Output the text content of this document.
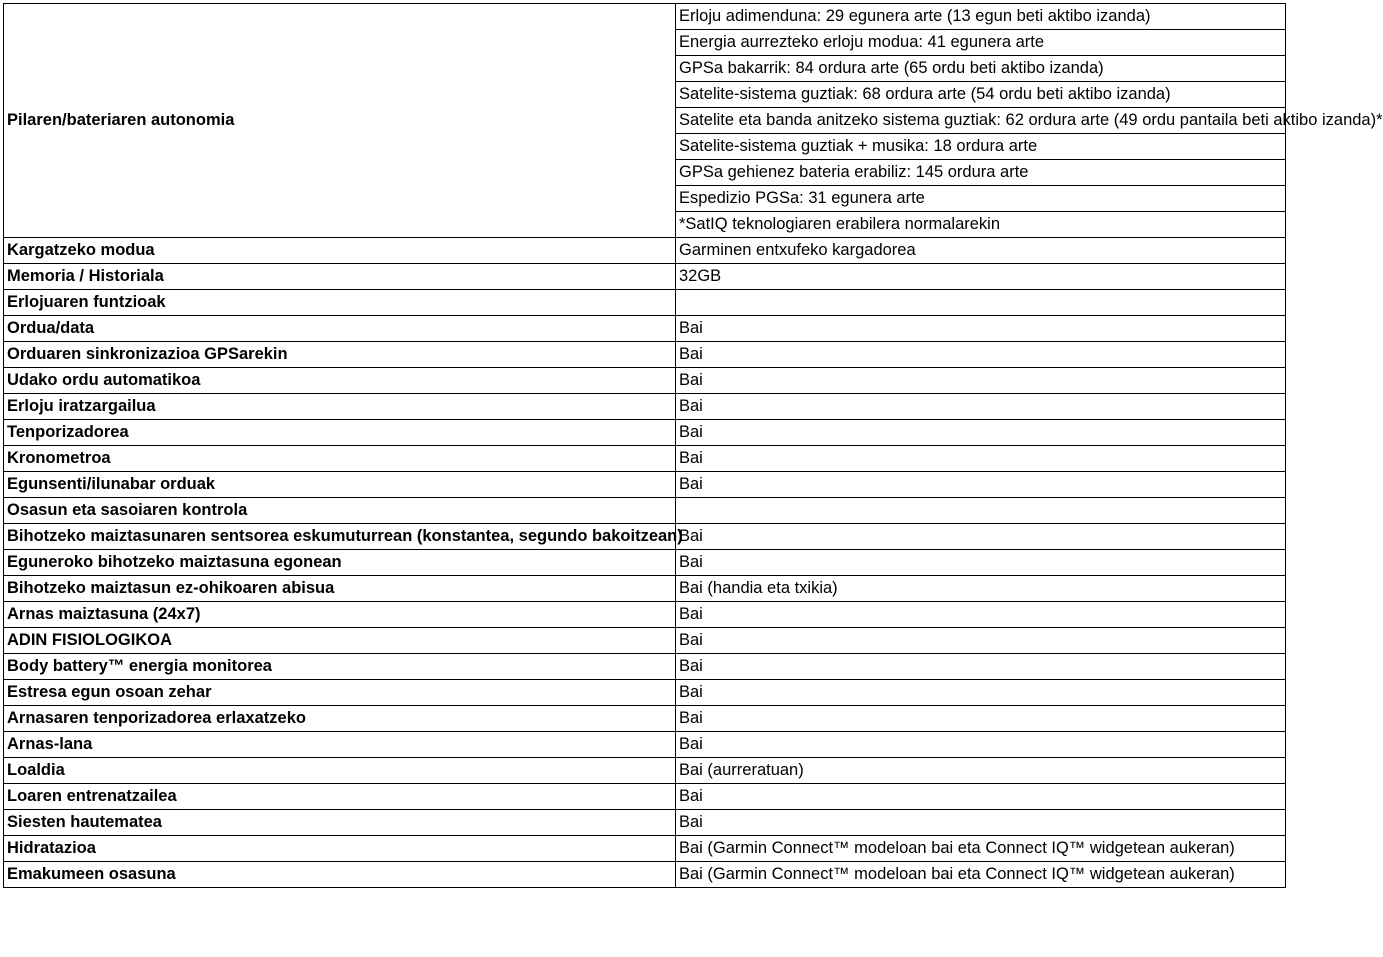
Pilaren/bateriaren autonomia	Erloju adimenduna: 29 egunera arte (13 egun beti aktibo izanda)
	Energia aurrezteko erloju modua: 41 egunera arte
	GPSa bakarrik: 84 ordura arte (65 ordu beti aktibo izanda)
	Satelite-sistema guztiak: 68 ordura arte (54 ordu beti aktibo izanda)
	Satelite eta banda anitzeko sistema guztiak: 62 ordura arte (49 ordu pantaila beti aktibo izanda)*
	Satelite-sistema guztiak + musika: 18 ordura arte
	GPSa gehienez bateria erabiliz: 145 ordura arte
	Espedizio PGSa: 31 egunera arte
	*SatIQ teknologiaren erabilera normalarekin
Kargatzeko modua	Garminen entxufeko kargadorea
Memoria / Historiala	32GB
Erlojuaren funtzioak	
Ordua/data	Bai
Orduaren sinkronizazioa GPSarekin	Bai
Udako ordu automatikoa	Bai
Erloju iratzargailua	Bai
Tenporizadorea	Bai
Kronometroa	Bai
Egunsenti/ilunabar orduak	Bai
Osasun eta sasoiaren kontrola	
Bihotzeko maiztasunaren sentsorea eskumuturrean (konstantea, segundo bakoitzean)	Bai
Eguneroko bihotzeko maiztasuna egonean	Bai
Bihotzeko maiztasun ez-ohikoaren abisua	Bai (handia eta txikia)
Arnas maiztasuna (24x7)	Bai
ADIN FISIOLOGIKOA	Bai
Body battery™ energia monitorea	Bai
Estresa egun osoan zehar	Bai
Arnasaren tenporizadorea erlaxatzeko	Bai
Arnas-lana	Bai
Loaldia	Bai (aurreratuan)
Loaren entrenatzailea	Bai
Siesten hautematea	Bai
Hidratazioa	Bai (Garmin Connect™ modeloan bai eta Connect IQ™ widgetean aukeran)
Emakumeen osasuna	Bai (Garmin Connect™ modeloan bai eta Connect IQ™ widgetean aukeran)
